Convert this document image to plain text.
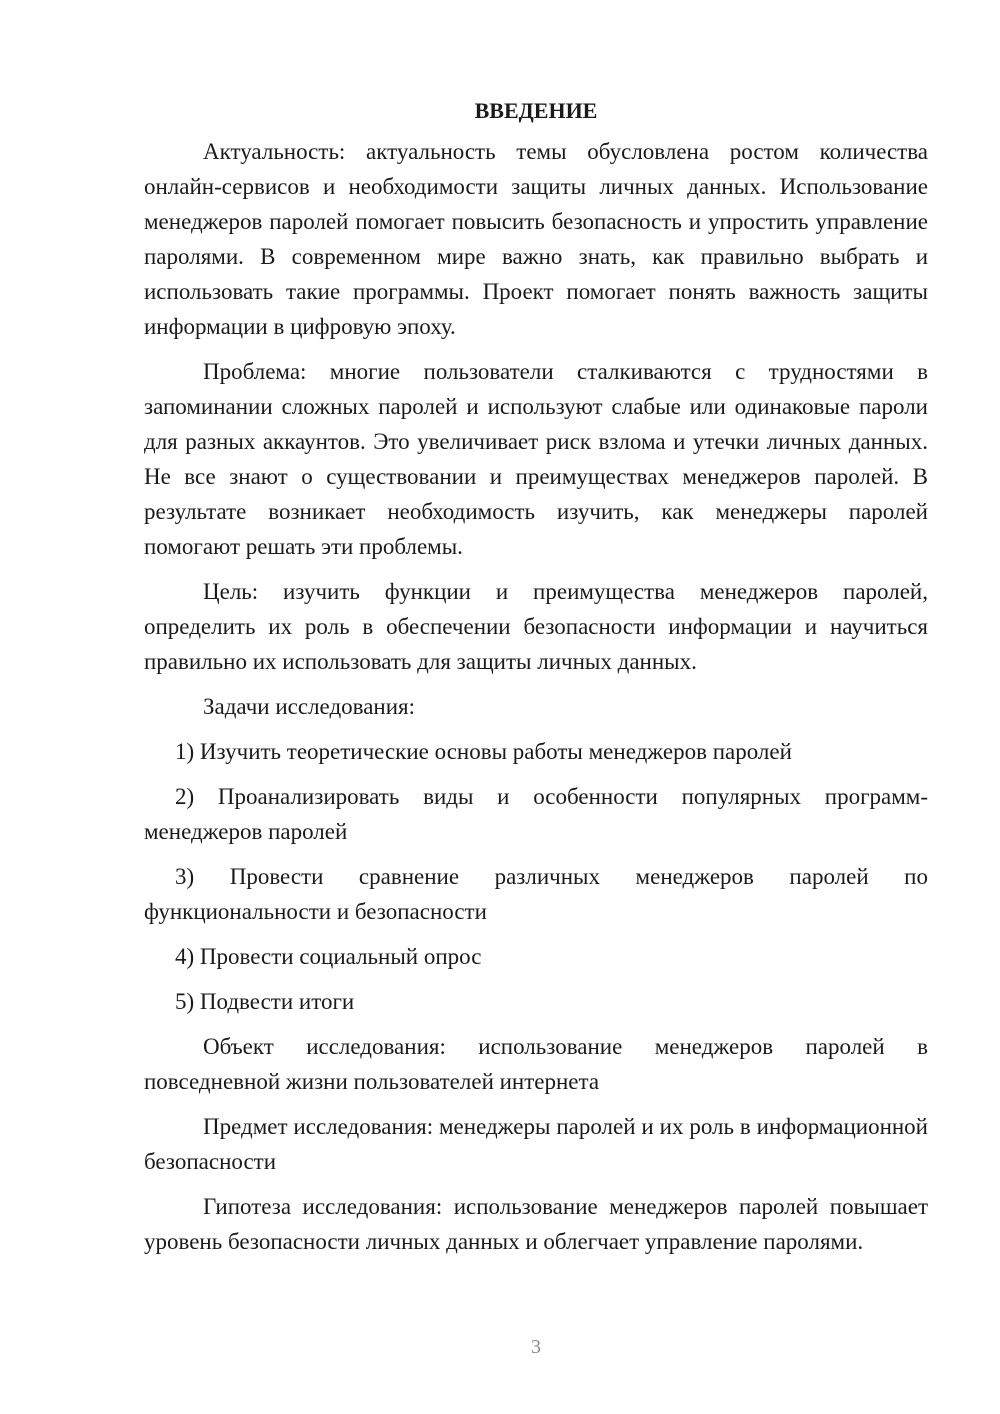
ВВЕДЕНИЕ

Актуальность: актуальность темы обусловлена ростом количества онлайн-сервисов и необходимости защиты личных данных. Использование менеджеров паролей помогает повысить безопасность и упростить управление паролями. В современном мире важно знать, как правильно выбрать и использовать такие программы. Проект помогает понять важность защиты информации в цифровую эпоху.

Проблема: многие пользователи сталкиваются с трудностями в запоминании сложных паролей и используют слабые или одинаковые пароли для разных аккаунтов. Это увеличивает риск взлома и утечки личных данных. Не все знают о существовании и преимуществах менеджеров паролей. В результате возникает необходимость изучить, как менеджеры паролей помогают решать эти проблемы.

Цель: изучить функции и преимущества менеджеров паролей, определить их роль в обеспечении безопасности информации и научиться правильно их использовать для защиты личных данных.

Задачи исследования:

1) Изучить теоретические основы работы менеджеров паролей

2) Проанализировать виды и особенности популярных программ-менеджеров паролей

3) Провести сравнение различных менеджеров паролей по функциональности и безопасности

4) Провести социальный опрос

5) Подвести итоги

Объект исследования: использование менеджеров паролей в повседневной жизни пользователей интернета

Предмет исследования: менеджеры паролей и их роль в информационной безопасности

Гипотеза исследования: использование менеджеров паролей повышает уровень безопасности личных данных и облегчает управление паролями.

3
